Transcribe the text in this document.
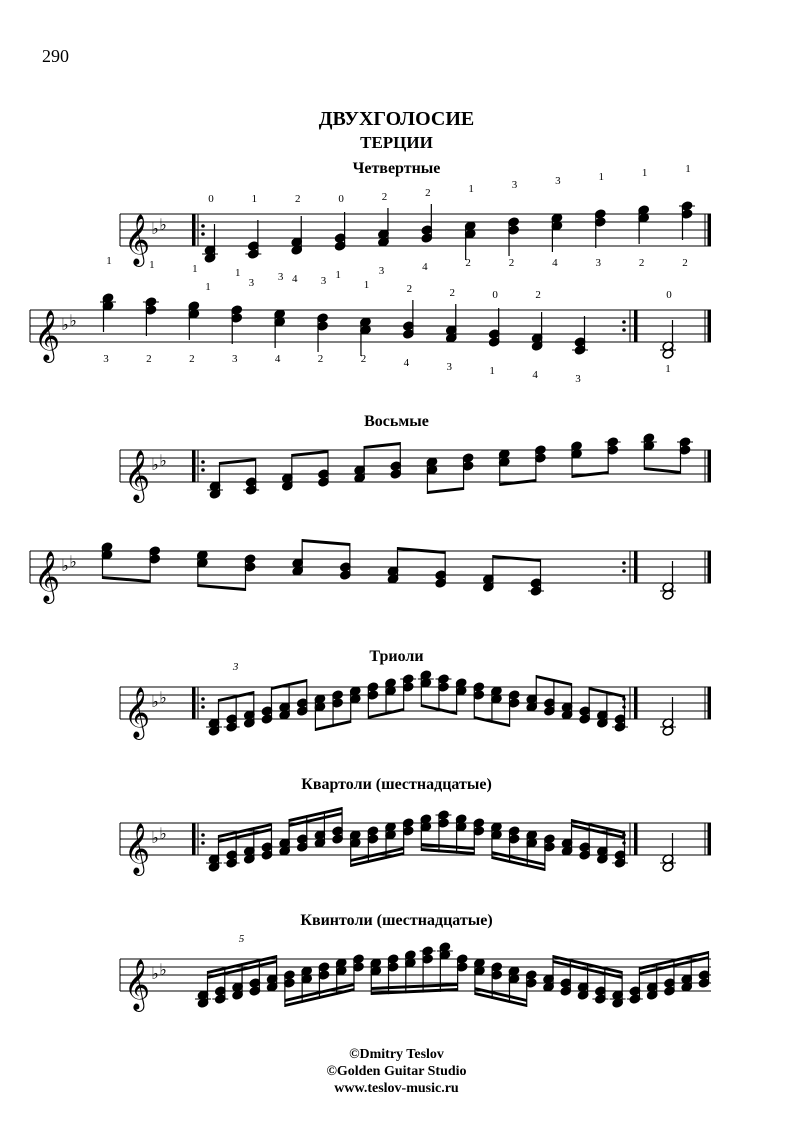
290
ДВУХГОЛОСИЕ
ТЕРЦИИ
Четвертные
Восьмые
Триоли
Квартоли (шестнадцатые)
Квинтоли (шестнадцатые)
𝄞 ♭ ♭
0	1	2	0	2	2	1	3	3	1	1	1
1	3	4	1	3	4	2	2	4	3	2	2
𝄞 ♭ ♭
1	1	1	1	3	3	1	2	2	0	2
3	2	2	3	4	2	2	4	3	1	4	3
0
1
𝄞 ♭ ♭
𝄞 ♭ ♭
𝄞 ♭ ♭
3
𝄞 ♭ ♭
𝄞 ♭ ♭
5
©Dmitry Teslov
©Golden Guitar Studio
www.teslov-music.ru
